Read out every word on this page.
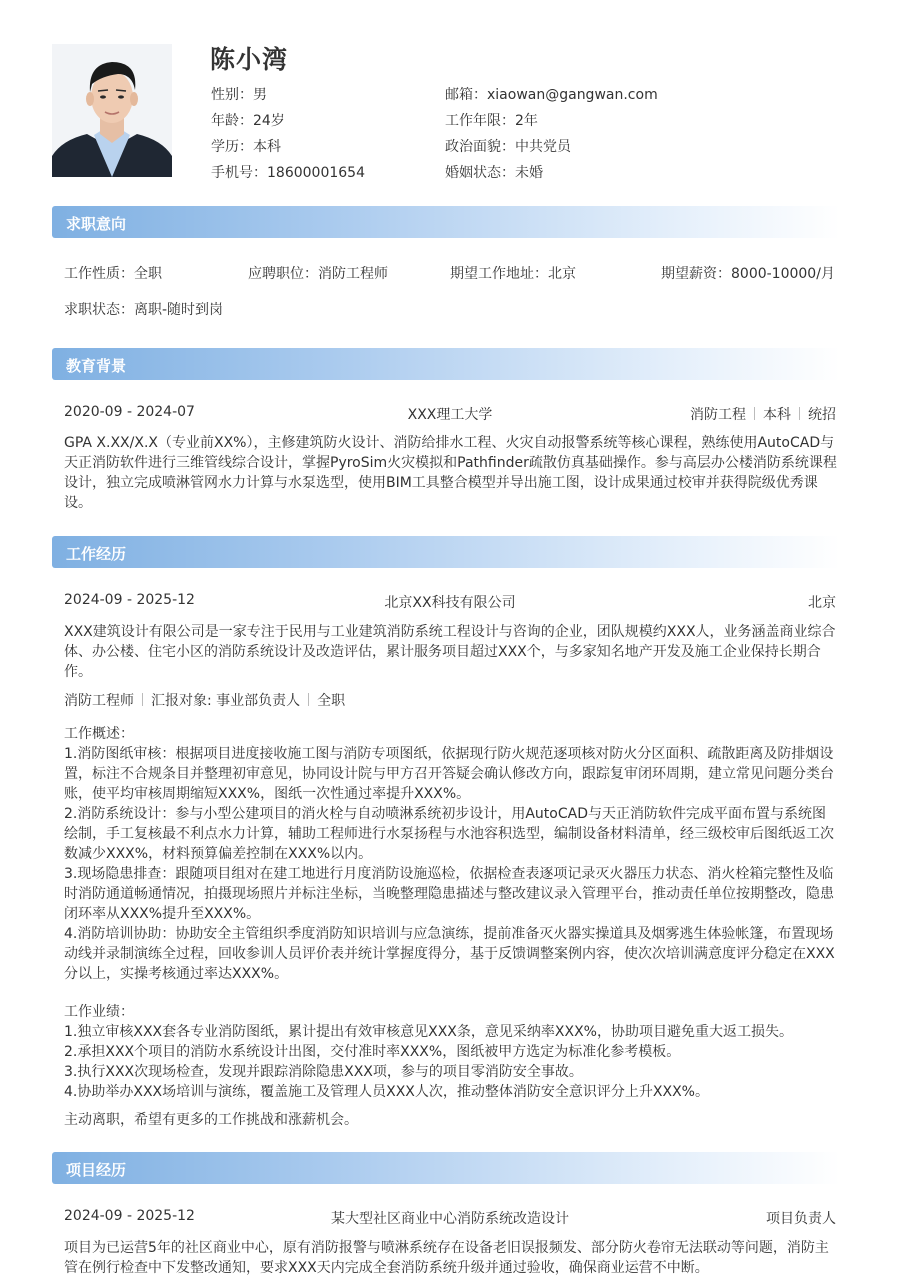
陈小湾
性别：男
年龄：24岁
学历：本科
手机号：18600001654
邮箱：xiaowan@gangwan.com
工作年限：2年
政治面貌：中共党员
婚姻状态：未婚
求职意向
工作性质：全职	应聘职位：消防工程师	期望工作地址：北京	期望薪资：8000-10000/月
求职状态：离职-随时到岗
教育背景
2020-09 - 2024-07	XXX理工大学	消防工程 本科 统招
GPA X.XX/X.X（专业前XX%），主修建筑防火设计、消防给排水工程、火灾自动报警系统等核心课程，熟练使用AutoCAD与天正消防软件进行三维管线综合设计，掌握PyroSim火灾模拟和Pathfinder疏散仿真基础操作。参与高层办公楼消防系统课程设计，独立完成喷淋管网水力计算与水泵选型，使用BIM工具整合模型并导出施工图，设计成果通过校审并获得院级优秀课设。
工作经历
2024-09 - 2025-12	北京XX科技有限公司	北京
XXX建筑设计有限公司是一家专注于民用与工业建筑消防系统工程设计与咨询的企业，团队规模约XXX人，业务涵盖商业综合体、办公楼、住宅小区的消防系统设计及改造评估，累计服务项目超过XXX个，与多家知名地产开发及施工企业保持长期合作。
消防工程师 汇报对象: 事业部负责人 全职
工作概述：
1.消防图纸审核：根据项目进度接收施工图与消防专项图纸，依据现行防火规范逐项核对防火分区面积、疏散距离及防排烟设置，标注不合规条目并整理初审意见，协同设计院与甲方召开答疑会确认修改方向，跟踪复审闭环周期，建立常见问题分类台账，使平均审核周期缩短XXX%，图纸一次性通过率提升XXX%。
2.消防系统设计：参与小型公建项目的消火栓与自动喷淋系统初步设计，用AutoCAD与天正消防软件完成平面布置与系统图绘制，手工复核最不利点水力计算，辅助工程师进行水泵扬程与水池容积选型，编制设备材料清单，经三级校审后图纸返工次数减少XXX%，材料预算偏差控制在XXX%以内。
3.现场隐患排查：跟随项目组对在建工地进行月度消防设施巡检，依据检查表逐项记录灭火器压力状态、消火栓箱完整性及临时消防通道畅通情况，拍摄现场照片并标注坐标，当晚整理隐患描述与整改建议录入管理平台，推动责任单位按期整改，隐患闭环率从XXX%提升至XXX%。
4.消防培训协助：协助安全主管组织季度消防知识培训与应急演练，提前准备灭火器实操道具及烟雾逃生体验帐篷，布置现场动线并录制演练全过程，回收参训人员评价表并统计掌握度得分，基于反馈调整案例内容，使次次培训满意度评分稳定在XXX分以上，实操考核通过率达XXX%。
工作业绩：
1.独立审核XXX套各专业消防图纸，累计提出有效审核意见XXX条，意见采纳率XXX%，协助项目避免重大返工损失。
2.承担XXX个项目的消防水系统设计出图，交付准时率XXX%，图纸被甲方选定为标准化参考模板。
3.执行XXX次现场检查，发现并跟踪消除隐患XXX项，参与的项目零消防安全事故。
4.协助举办XXX场培训与演练，覆盖施工及管理人员XXX人次，推动整体消防安全意识评分上升XXX%。
主动离职，希望有更多的工作挑战和涨薪机会。
项目经历
2024-09 - 2025-12	某大型社区商业中心消防系统改造设计	项目负责人
项目为已运营5年的社区商业中心，原有消防报警与喷淋系统存在设备老旧误报频发、部分防火卷帘无法联动等问题，消防主管在例行检查中下发整改通知，要求XXX天内完成全套消防系统升级并通过验收，确保商业运营不中断。
